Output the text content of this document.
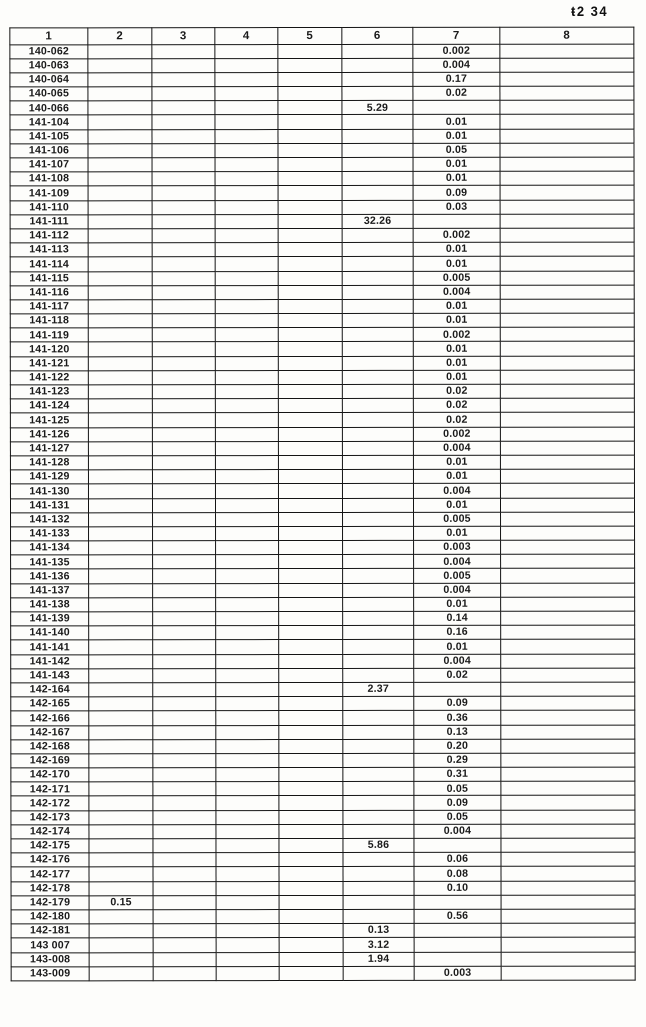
ŧ2 34
1	2	3	4	5	6	7	8
140-062						0.002	
140-063						0.004	
140-064						0.17	
140-065						0.02	
140-066					5.29		
141-104						0.01	
141-105						0.01	
141-106						0.05	
141-107						0.01	
141-108						0.01	
141-109						0.09	
141-110						0.03	
141-111					32.26		
141-112						0.002	
141-113						0.01	
141-114						0.01	
141-115						0.005	
141-116						0.004	
141-117						0.01	
141-118						0.01	
141-119						0.002	
141-120						0.01	
141-121						0.01	
141-122						0.01	
141-123						0.02	
141-124						0.02	
141-125						0.02	
141-126						0.002	
141-127						0.004	
141-128						0.01	
141-129						0.01	
141-130						0.004	
141-131						0.01	
141-132						0.005	
141-133						0.01	
141-134						0.003	
141-135						0.004	
141-136						0.005	
141-137						0.004	
141-138						0.01	
141-139						0.14	
141-140						0.16	
141-141						0.01	
141-142						0.004	
141-143						0.02	
142-164					2.37		
142-165						0.09	
142-166						0.36	
142-167						0.13	
142-168						0.20	
142-169						0.29	
142-170						0.31	
142-171						0.05	
142-172						0.09	
142-173						0.05	
142-174						0.004	
142-175					5.86		
142-176						0.06	
142-177						0.08	
142-178						0.10	
142-179	0.15						
142-180						0.56	
142-181					0.13		
143 007					3.12		
143-008					1.94		
143-009						0.003	
